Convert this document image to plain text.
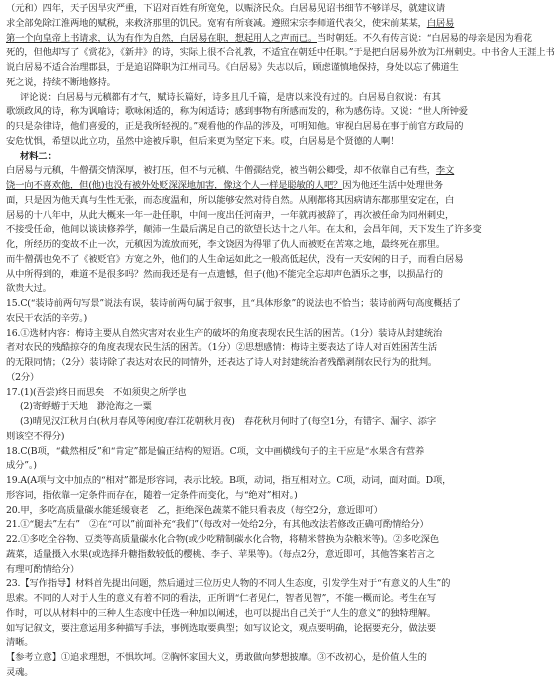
（元和）四年，天子因旱灾严重，下诏对百姓有所宽免，以赈济民众。白居易见诏书细节不够详尽，就建议请
求全部免除江淮两地的赋税，来救济那里的饥民。宽宥有所衰减。遵照宋宗李师道代表父，使宋前某某，白居易
第一个向皇帝上书请求，认为有作为自然，白居易在职，想起用人之声而已。当时朝廷。不久有传言说：“白居易的母亲是因为看花
死的，但他却写了《赏花》，《新井》的诗，实际上很不合礼教，不适宜在朝廷中任职。”于是把白居易外放为江州刺史。中书舍人王涯上书
说白居易不适合治理郡县，于是追诏降职为江州司马。《白居易》失志以后，顾虑谨慎地保持，身处以忘了佛道生
死之说，持续不断地修持。
评论说：白居易与元稹都有才气，赋诗长篇好，诗多且几千篇，是唐以来没有过的。白居易自叙说：有其
歌颂政风的诗，称为讽喻诗；歌咏闲适的，称为闲适诗；感到事物有所感而发的，称为感伤诗。又说：“世人所钟爱
的只是杂律诗，他们喜爱的，正是我所轻视的。”观看他的作品的涉及，可明知他。审视白居易在事于前官方政局的
安危忧惧，希望以此立功，虽然中途被斥职，但后来更为坚定下来。哎，白居易是个贤德的人啊！
材料二：
白居易与元稹，牛僧孺交情深厚，被打压，但不与元稹、牛僧孺结党，被当朝公卿受，却不依靠自己有些，李文
饶一向不喜欢他，但(他)也没有被外处贬深深地加害，像这个人一样是聪敏的人吧？因为他还生活中处理世务
面，只是因为他天真与生性无张，而态度温和，所以能够安然对待自然。从刚都将其因病请东都那里安定在，白
居易的十八年中，从此大概来一年一赴任职，中间一度出任河南尹，一年就再被辞了，再次被任命为同州刺史，
不接受任命，他间以谈读修养学，颠沛一生最后满足自己的欲望长达十之八年。在太和，会昌年间，天下发生了许多变
化，所经历的变故不止一次，元稹因为流放而死，李文饶因为得罪了仇人而被贬在苦寒之地，最终死在那里。
而牛僧孺也免不了《被贬官》方宽之外，他们的人生命运如此之一般高低起伏，没有一天安闲的日子，而看白居易
从中所得到的，难道不是很多吗？然而我还是有一点遗憾，但子(他)不能完全忘却声色酒乐之事，以损品行的
欲贵大过。
15.C(“装诗前两句写景”说法有误，装诗前两句属于叙事，且“具体形象”的说法也不恰当；装诗前两句高度概括了
农民干农活的辛劳。)
16.①选材内容：梅诗主要从自然灾害对农业生产的破坏的角度表现农民生活的困苦。（1分）装诗从封建统治
者对农民的残酷掠夺的角度表现农民生活的困苦。（1分）②思想感情：梅诗主要表达了诗人对百姓困苦生活
的无限同情；（2分）装诗除了表达对农民的同情外，还表达了诗人对封建统治者残酷剥削农民行为的批判。
（2分）
17.(1)(吾尝)终日而思矣　不如须臾之所学也
(2)寄蜉蝣于天地　渺沧海之一粟
(3)晴见汉江秋月白(秋月春风等闲度/春江花朝秋月夜)　春花秋月何时了(每空1分，有错字、漏字、添字
则该空不得分)
18.C(B项，“截然相反”和“肯定”都是偏正结构的短语。C项，文中画横线句子的主干应是“水果含有营养
成分”。)
19.A(A项与文中加点的“相对”都是形容词，表示比较。B项，动词，指互相对立。C项，动词，面对面。D项，
形容词，指依靠一定条件而存在，随着一定条件而变化，与“绝对”相对。)
20.甲，多吃高质量碳水能延缓衰老　乙，拒绝深色蔬菜不能只看表皮（每空2分，意近即可）
21.①“腿去”左右”　②在“可以”前面补充“我们”（每改对一处给2分，有其他改法若修改正确可酌情给分）
22.①多吃全谷物、豆类等高质量碳水化合物(或少吃精制碳水化合物，将精米替换为杂粮米等)。②多吃深色
蔬菜，适量摄入水果(或选择升糖指数较低的樱桃、李子、苹果等)。（每点2分，意近即可，其他答案若言之
有理可酌情给分）
23.【写作指导】材料首先提出问题，然后通过三位历史人物的不同人生态度，引发学生对于“有意义的人生”的
思索。不同的人对于人生的意义有着不同的看法，正所谓“仁者见仁，智者见智”，不能一概而论。考生在写
作时，可以从材料中的三种人生态度中任选一种加以阐述，也可以提出自己关于“人生的意义”的独特理解。
如写记叙文，要注意运用多种描写手法，事例选取要典型；如写议论文，观点要明确，论据要充分，做法要
清晰。
【参考立意】①追求理想，不惧坎坷。②胸怀家国大义，勇敢做向梦想披靡。③不改初心，是价值人生的
灵魂。
